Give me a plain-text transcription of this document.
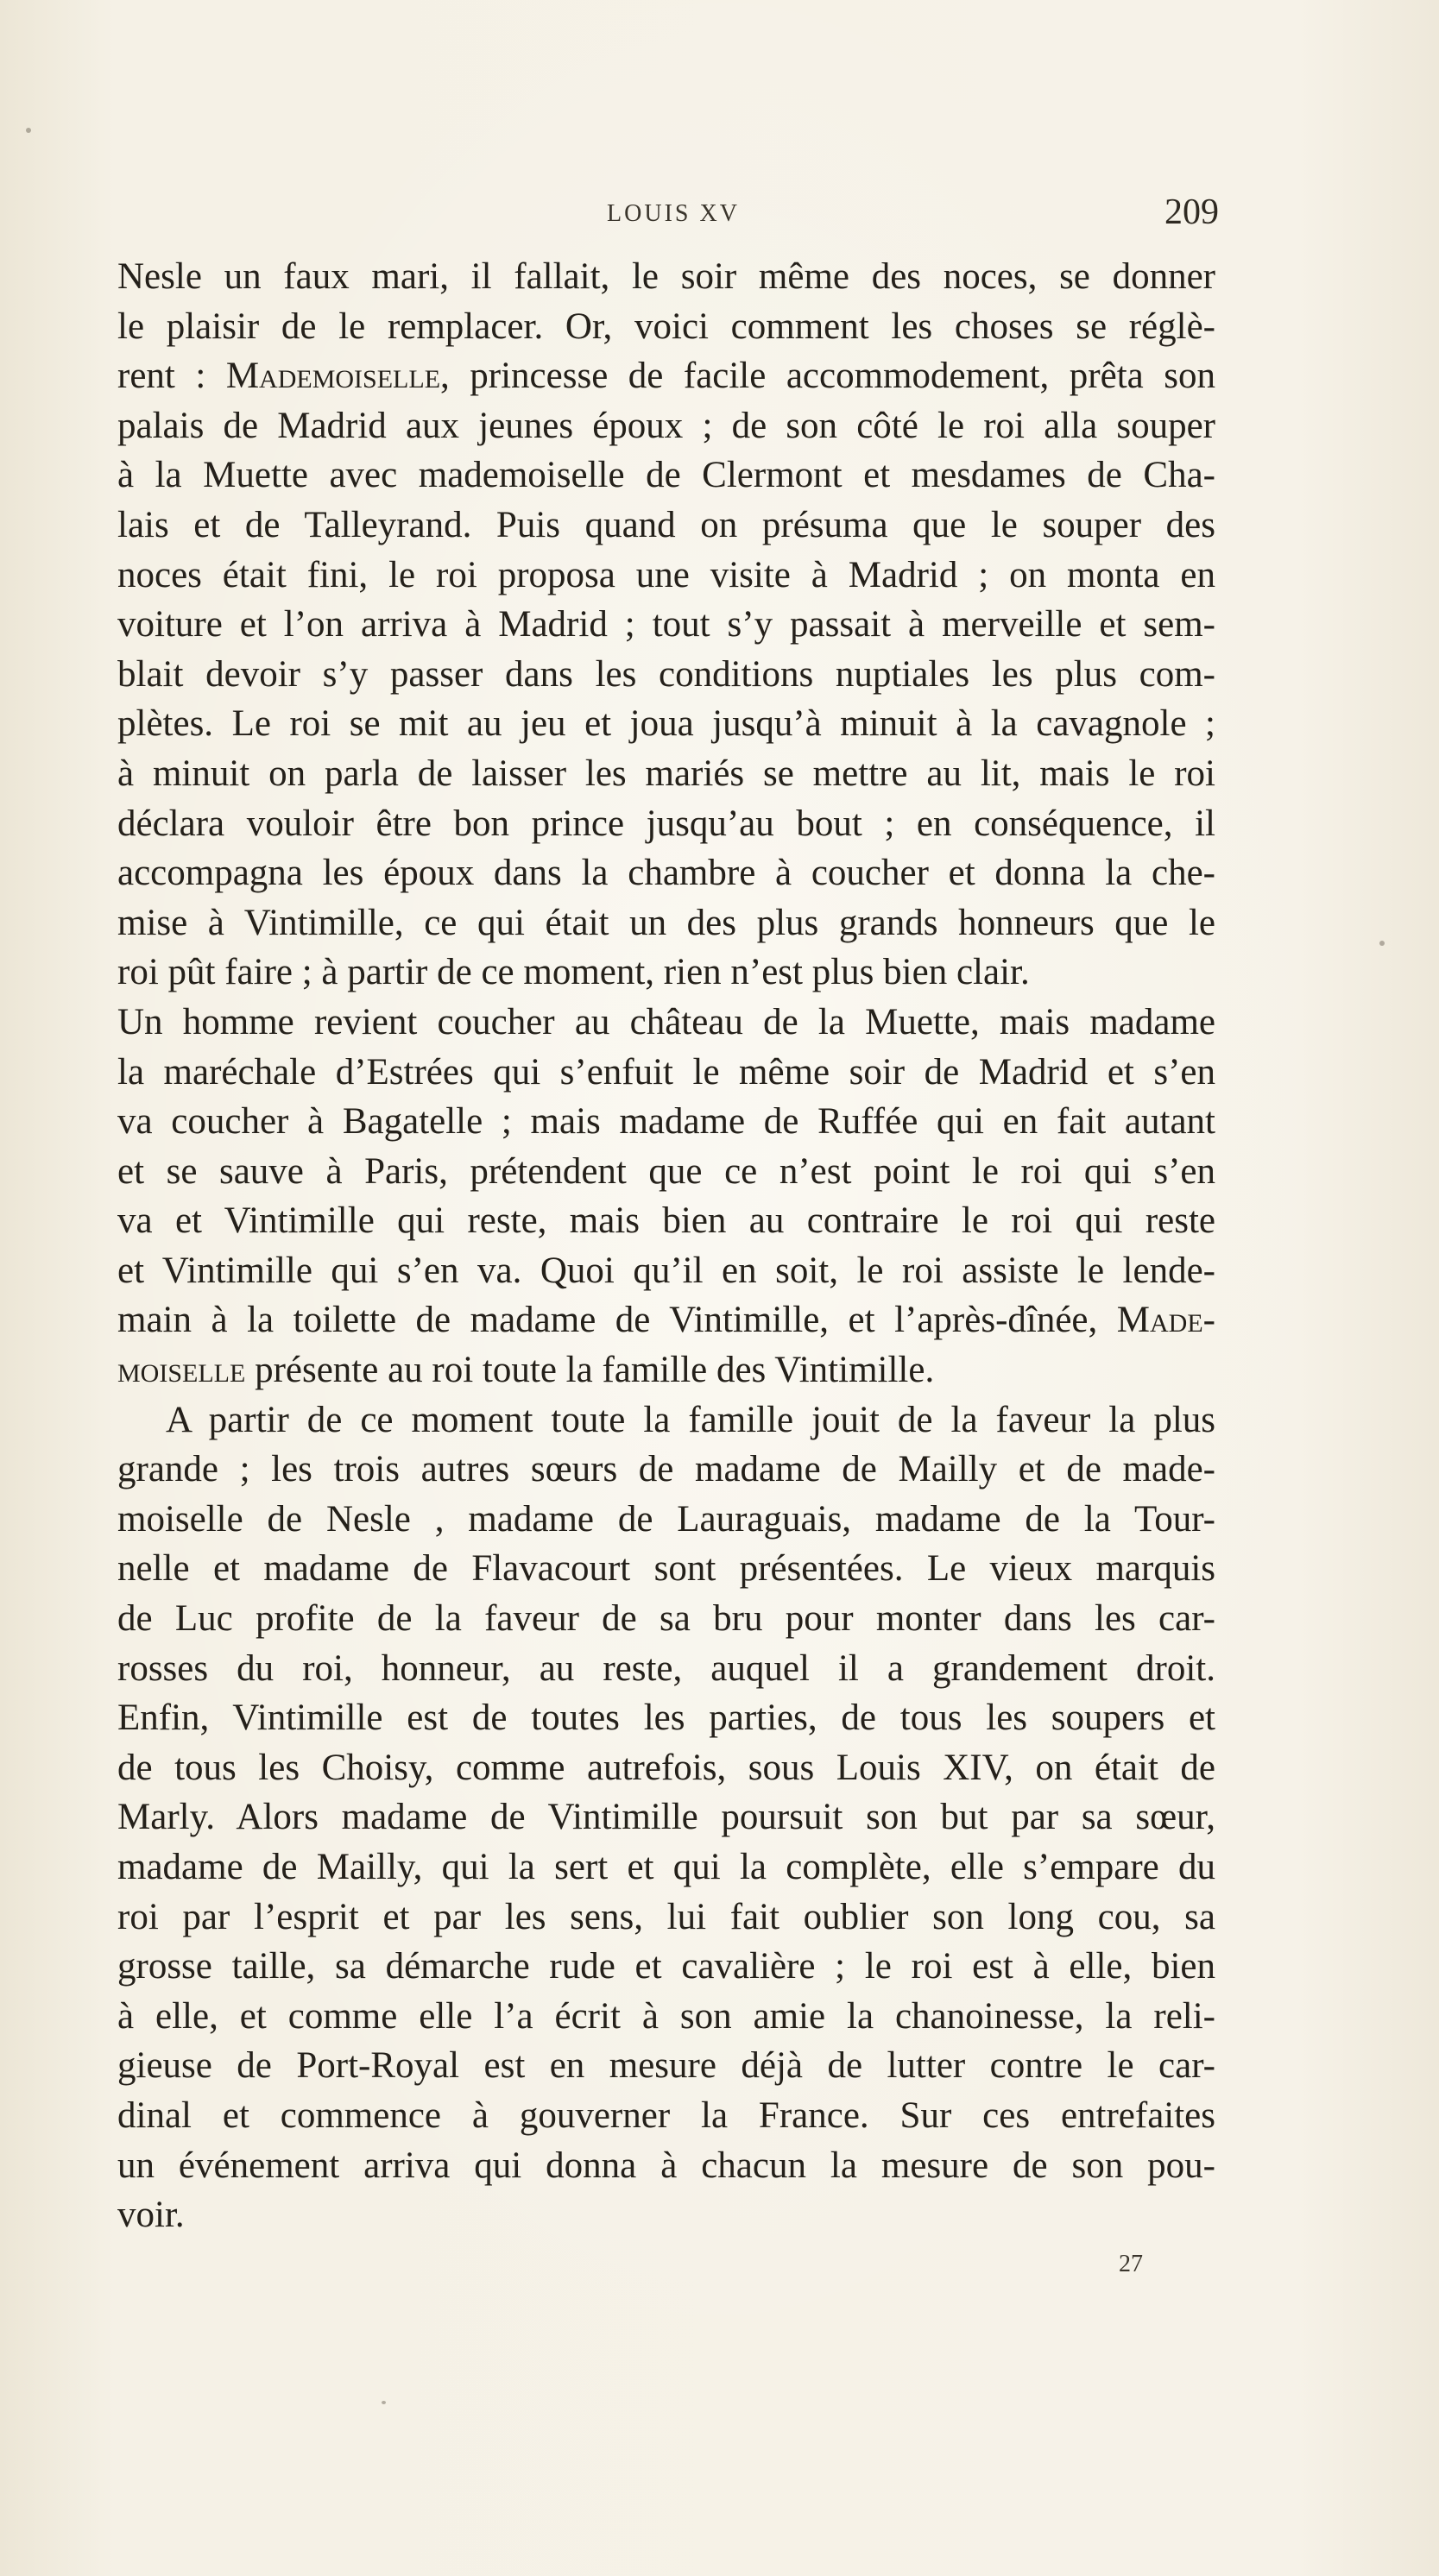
LOUIS XV	209
Nesle un faux mari, il fallait, le soir même des noces, se donner
le plaisir de le remplacer. Or, voici comment les choses se réglè-
rent : Mademoiselle, princesse de facile accommodement, prêta son
palais de Madrid aux jeunes époux ; de son côté le roi alla souper
à la Muette avec mademoiselle de Clermont et mesdames de Cha-
lais et de Talleyrand. Puis quand on présuma que le souper des
noces était fini, le roi proposa une visite à Madrid ; on monta en
voiture et l’on arriva à Madrid ; tout s’y passait à merveille et sem-
blait devoir s’y passer dans les conditions nuptiales les plus com-
plètes. Le roi se mit au jeu et joua jusqu’à minuit à la cavagnole ;
à minuit on parla de laisser les mariés se mettre au lit, mais le roi
déclara vouloir être bon prince jusqu’au bout ; en conséquence, il
accompagna les époux dans la chambre à coucher et donna la che-
mise à Vintimille, ce qui était un des plus grands honneurs que le
roi pût faire ; à partir de ce moment, rien n’est plus bien clair.
Un homme revient coucher au château de la Muette, mais madame
la maréchale d’Estrées qui s’enfuit le même soir de Madrid et s’en
va coucher à Bagatelle ; mais madame de Ruffée qui en fait autant
et se sauve à Paris, prétendent que ce n’est point le roi qui s’en
va et Vintimille qui reste, mais bien au contraire le roi qui reste
et Vintimille qui s’en va. Quoi qu’il en soit, le roi assiste le lende-
main à la toilette de madame de Vintimille, et l’après-dînée, Made-
moiselle présente au roi toute la famille des Vintimille.
A partir de ce moment toute la famille jouit de la faveur la plus
grande ; les trois autres sœurs de madame de Mailly et de made-
moiselle de Nesle , madame de Lauraguais, madame de la Tour-
nelle et madame de Flavacourt sont présentées. Le vieux marquis
de Luc profite de la faveur de sa bru pour monter dans les car-
rosses du roi, honneur, au reste, auquel il a grandement droit.
Enfin, Vintimille est de toutes les parties, de tous les soupers et
de tous les Choisy, comme autrefois, sous Louis XIV, on était de
Marly. Alors madame de Vintimille poursuit son but par sa sœur,
madame de Mailly, qui la sert et qui la complète, elle s’empare du
roi par l’esprit et par les sens, lui fait oublier son long cou, sa
grosse taille, sa démarche rude et cavalière ; le roi est à elle, bien
à elle, et comme elle l’a écrit à son amie la chanoinesse, la reli-
gieuse de Port-Royal est en mesure déjà de lutter contre le car-
dinal et commence à gouverner la France. Sur ces entrefaites
un événement arriva qui donna à chacun la mesure de son pou-
voir.
27
